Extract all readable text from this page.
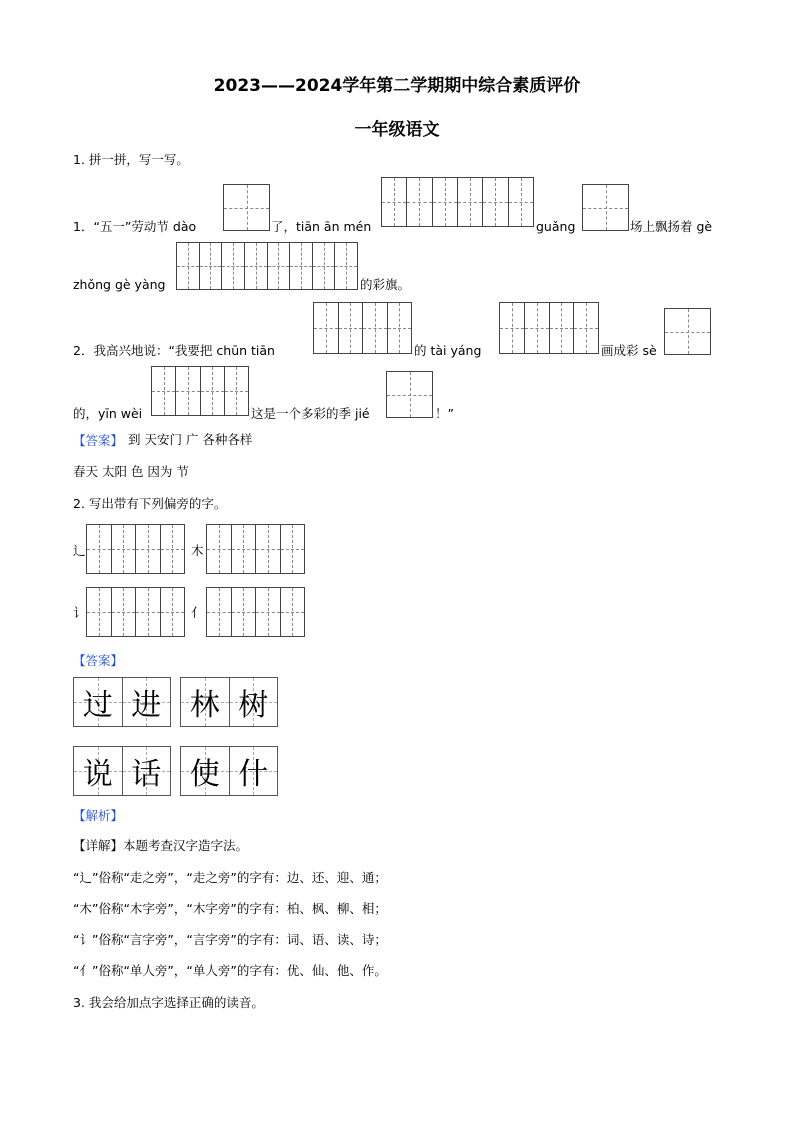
2023——2024学年第二学期期中综合素质评价
一年级语文
1. 拼一拼，写一写。
1．“五一”劳动节 dào	了，tiān ān mén	guǎng	场上飘扬着 gè
zhǒng gè yàng	的彩旗。
2．我高兴地说：“我要把 chūn tiān	的 tài yáng	画成彩 sè
的，yīn wèi	这是一个多彩的季 jié	！”
【答案】 到 天安门 广 各种各样
春天 太阳 色 因为 节
2. 写出带有下列偏旁的字。
辶	木
讠	亻
【答案】
过 进 林 树
说 话 使 什
【解析】
【详解】本题考查汉字造字法。
“辶”俗称“走之旁”，“走之旁”的字有：边、还、迎、通；
“木”俗称“木字旁”，“木字旁”的字有：柏、枫、柳、相；
“讠”俗称“言字旁”，“言字旁”的字有：词、语、读、诗；
“亻”俗称“单人旁”，“单人旁”的字有：优、仙、他、作。
3. 我会给加点字选择正确的读音。
